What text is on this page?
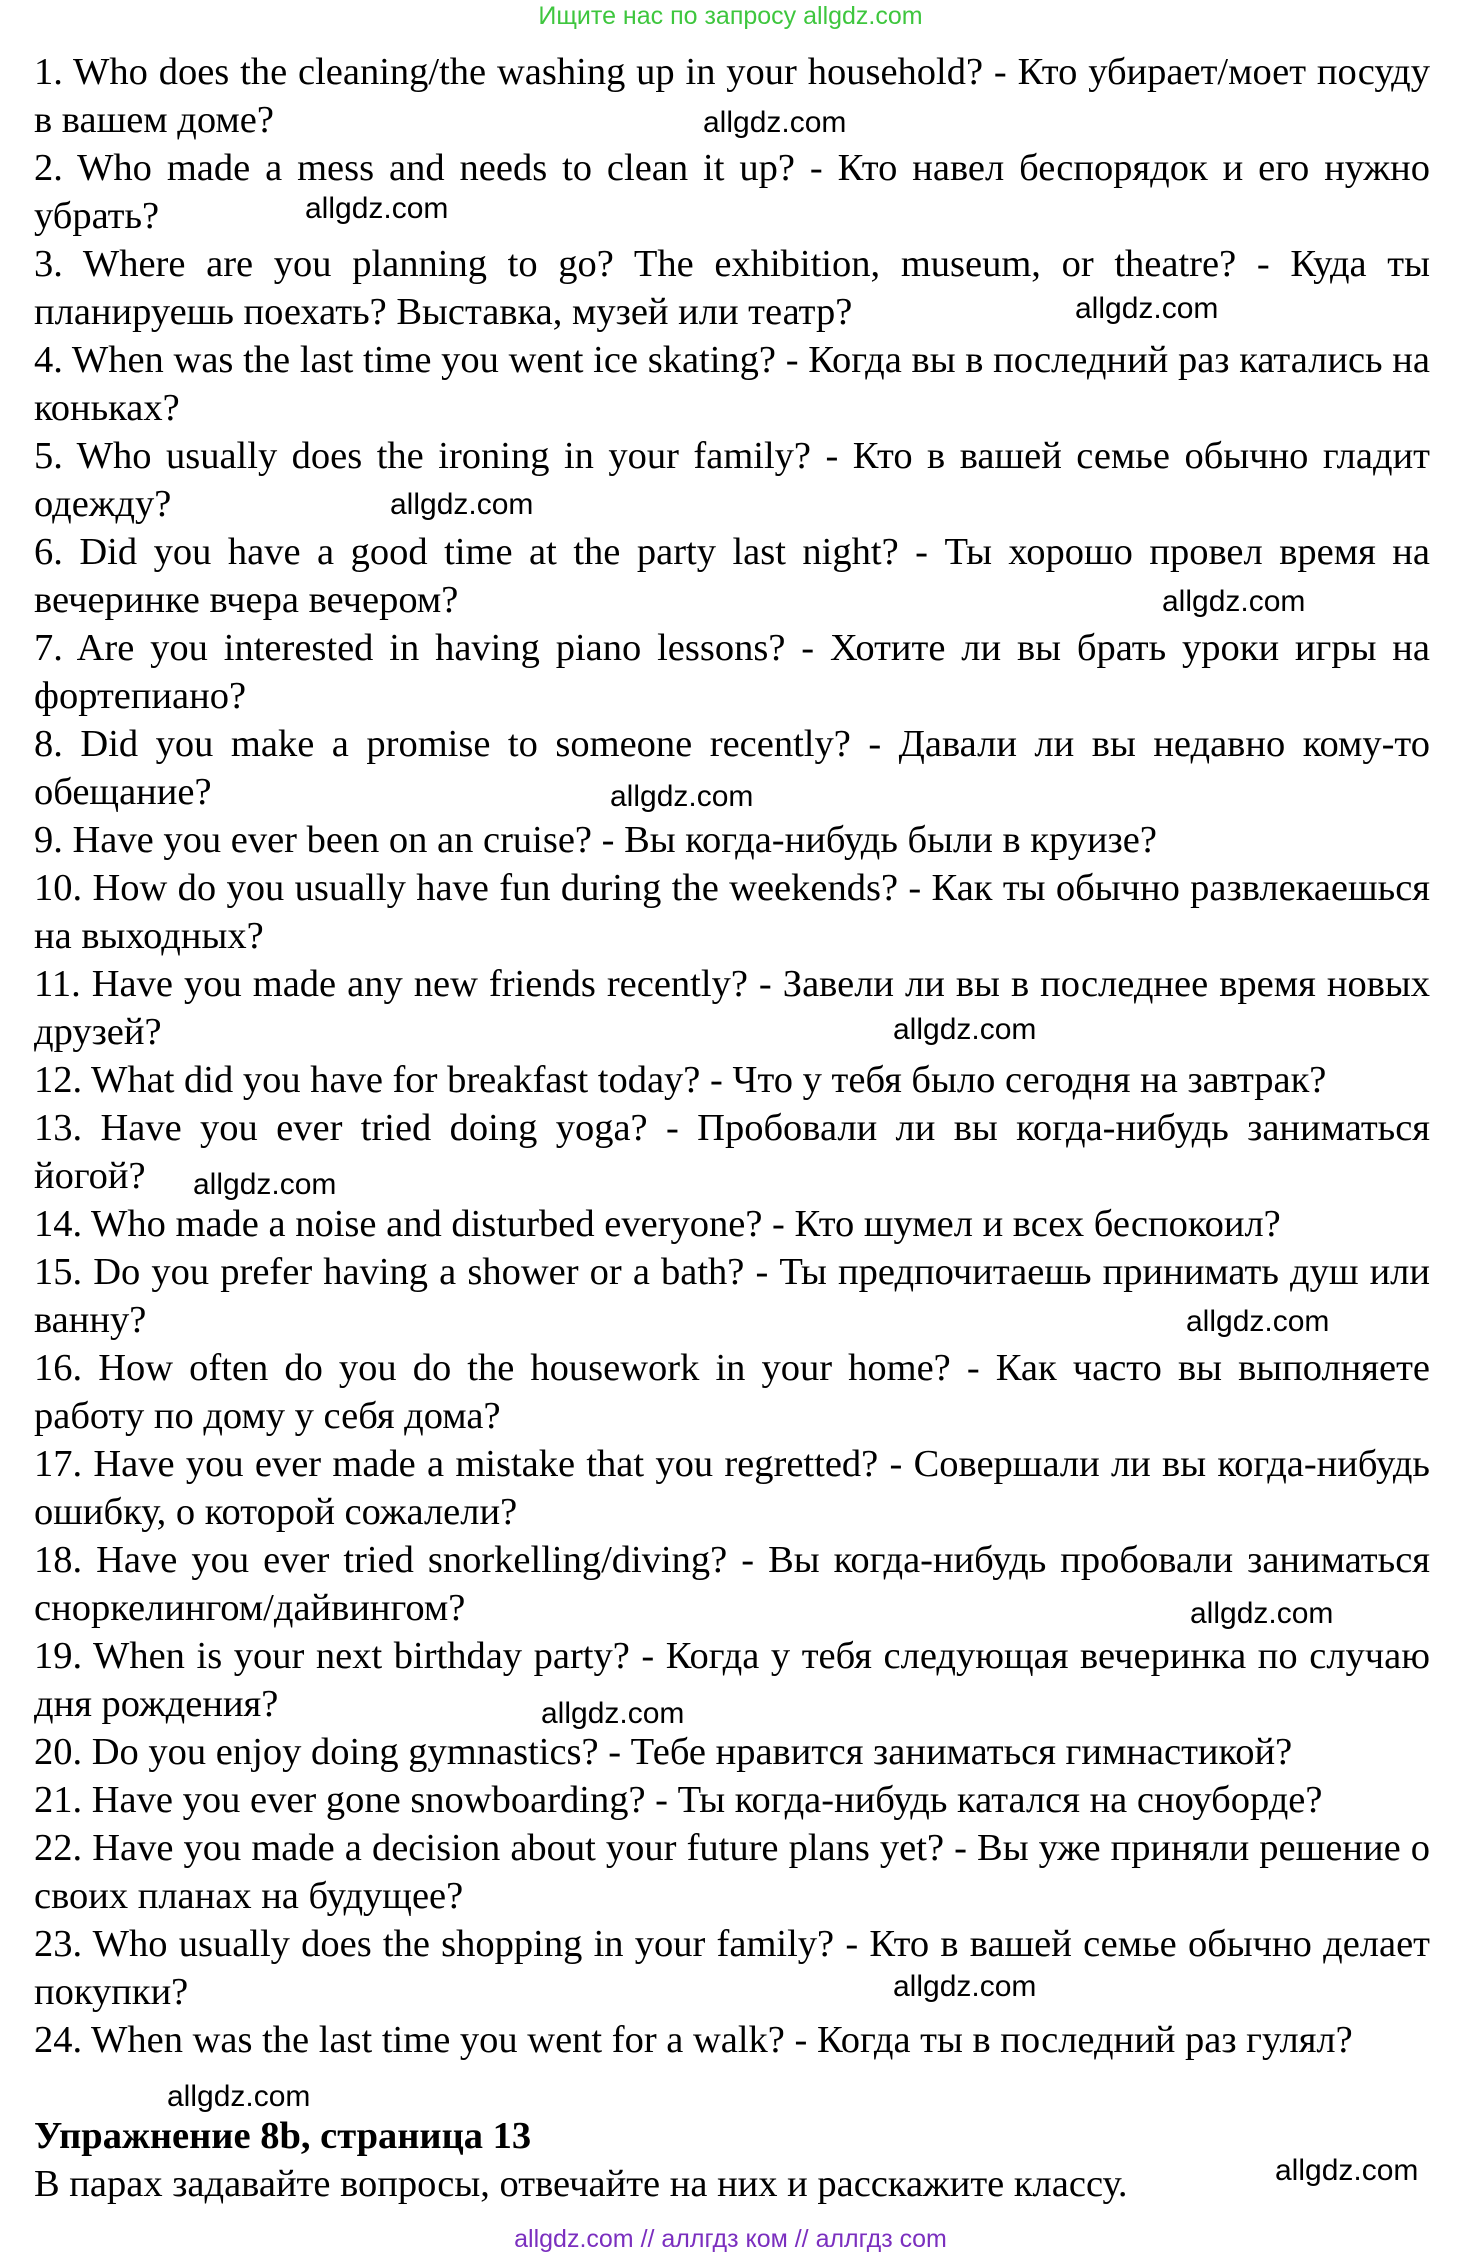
Ищите нас по запросу allgdz.com

1. Who does the cleaning/the washing up in your household? - Кто убирает/моет посуду в вашем доме?

2. Who made a mess and needs to clean it up? - Кто навел беспорядок и его нужно убрать?

3. Where are you planning to go? The exhibition, museum, or theatre? - Куда ты планируешь поехать? Выставка, музей или театр?

4. When was the last time you went ice skating? - Когда вы в последний раз катались на коньках?

5. Who usually does the ironing in your family? - Кто в вашей семье обычно гладит одежду?

6. Did you have a good time at the party last night? - Ты хорошо провел время на вечеринке вчера вечером?

7. Are you interested in having piano lessons? - Хотите ли вы брать уроки игры на фортепиано?

8. Did you make a promise to someone recently? - Давали ли вы недавно кому-то обещание?

9. Have you ever been on an cruise? - Вы когда-нибудь были в круизе?

10. How do you usually have fun during the weekends? - Как ты обычно развлекаешься на выходных?

11. Have you made any new friends recently? - Завели ли вы в последнее время новых друзей?

12. What did you have for breakfast today? - Что у тебя было сегодня на завтрак?

13. Have you ever tried doing yoga? - Пробовали ли вы когда-нибудь заниматься йогой?

14. Who made a noise and disturbed everyone? - Кто шумел и всех беспокоил?

15. Do you prefer having a shower or a bath? - Ты предпочитаешь принимать душ или ванну?

16. How often do you do the housework in your home? - Как часто вы выполняете работу по дому у себя дома?

17. Have you ever made a mistake that you regretted? - Совершали ли вы когда-нибудь ошибку, о которой сожалели?

18. Have you ever tried snorkelling/diving? - Вы когда-нибудь пробовали заниматься сноркелингом/дайвингом?

19. When is your next birthday party? - Когда у тебя следующая вечеринка по случаю дня рождения?

20. Do you enjoy doing gymnastics? - Тебе нравится заниматься гимнастикой?

21. Have you ever gone snowboarding? - Ты когда-нибудь катался на сноуборде?

22. Have you made a decision about your future plans yet? - Вы уже приняли решение о своих планах на будущее?

23. Who usually does the shopping in your family? - Кто в вашей семье обычно делает покупки?

24. When was the last time you went for a walk? - Когда ты в последний раз гулял?

Упражнение 8b, страница 13

В парах задавайте вопросы, отвечайте на них и расскажите классу.

allgdz.com
allgdz.com
allgdz.com
allgdz.com
allgdz.com
allgdz.com
allgdz.com
allgdz.com
allgdz.com
allgdz.com
allgdz.com
allgdz.com
allgdz.com
allgdz.com
allgdz.com // аллгдз ком // аллгдз com
